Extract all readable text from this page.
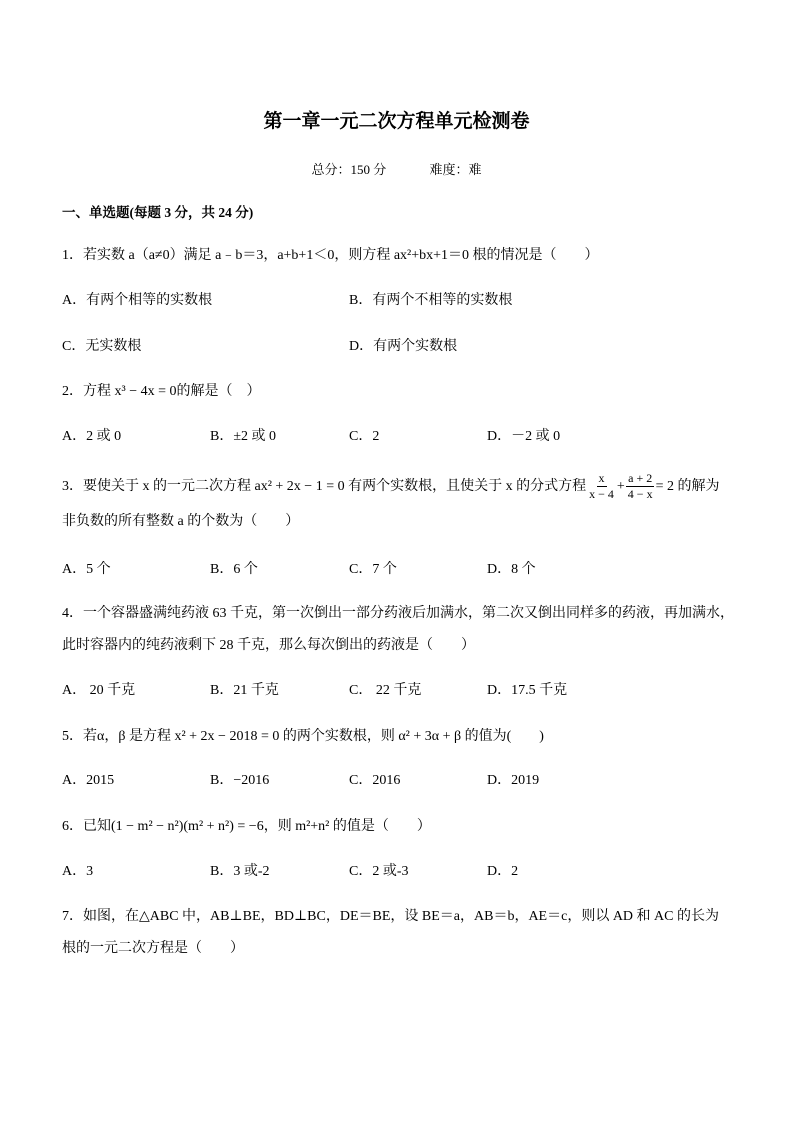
第一章一元二次方程单元检测卷
总分：150 分	难度：难
一、单选题(每题 3 分，共 24 分)
1．若实数 a（a≠0）满足 a﹣b＝3，a+b+1＜0，则方程 ax²+bx+1＝0 根的情况是（　　）
A．有两个相等的实数根	B．有两个不相等的实数根
C．无实数根	D．有两个实数根
2．方程 x³ − 4x = 0的解是（　）
A．2 或 0	B．±2 或 0	C．2	D．－2 或 0
3．要使关于 x 的一元二次方程 ax² + 2x − 1 = 0 有两个实数根，且使关于 x 的分式方程 $\frac{x}{x - 4} + \frac{a + 2}{4 - x} = 2$ 的解为
非负数的所有整数 a 的个数为（　　）
A．5 个	B．6 个	C．7 个	D．8 个
4．一个容器盛满纯药液 63 千克，第一次倒出一部分药液后加满水，第二次又倒出同样多的药液，再加满水，
此时容器内的纯药液剩下 28 千克，那么每次倒出的药液是（　　）
A． 20 千克	B．21 千克	C． 22 千克	D．17.5 千克
5．若α，β 是方程 x² + 2x − 2018 = 0 的两个实数根，则 α² + 3α + β 的值为(　　)
A．2015	B．−2016	C．2016	D．2019
6．已知(1 − m² − n²)(m² + n²) = −6，则 m²+n² 的值是（　　）
A．3	B．3 或-2	C．2 或-3	D．2
7．如图，在△ABC 中，AB⊥BE，BD⊥BC，DE＝BE，设 BE＝a，AB＝b，AE＝c，则以 AD 和 AC 的长为
根的一元二次方程是（　　）
